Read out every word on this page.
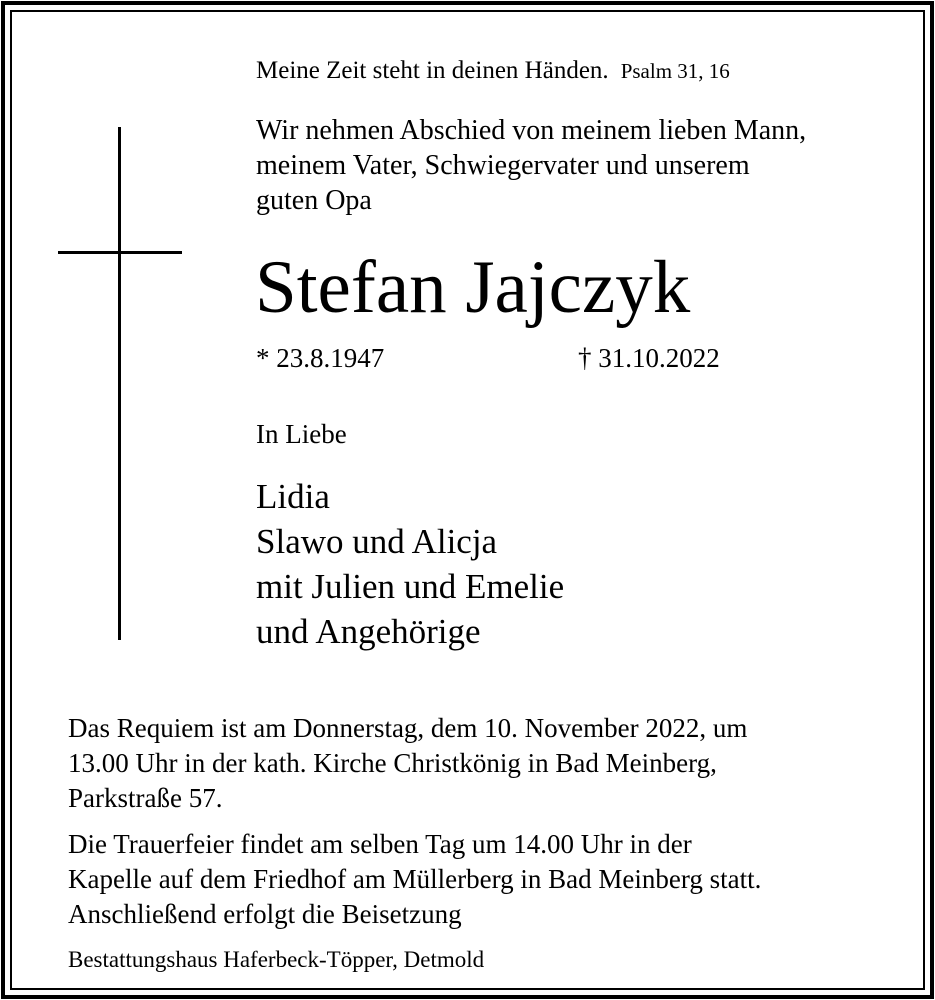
Meine Zeit steht in deinen Händen. Psalm 31, 16
Wir nehmen Abschied von meinem lieben Mann,
meinem Vater, Schwiegervater und unserem
guten Opa
Stefan Jajczyk
* 23.8.1947	† 31.10.2022
In Liebe
Lidia
Slawo und Alicja
mit Julien und Emelie
und Angehörige
Das Requiem ist am Donnerstag, dem 10. November 2022, um
13.00 Uhr in der kath. Kirche Christkönig in Bad Meinberg,
Parkstraße 57.
Die Trauerfeier findet am selben Tag um 14.00 Uhr in der
Kapelle auf dem Friedhof am Müllerberg in Bad Meinberg statt.
Anschließend erfolgt die Beisetzung
Bestattungshaus Haferbeck-Töpper, Detmold
